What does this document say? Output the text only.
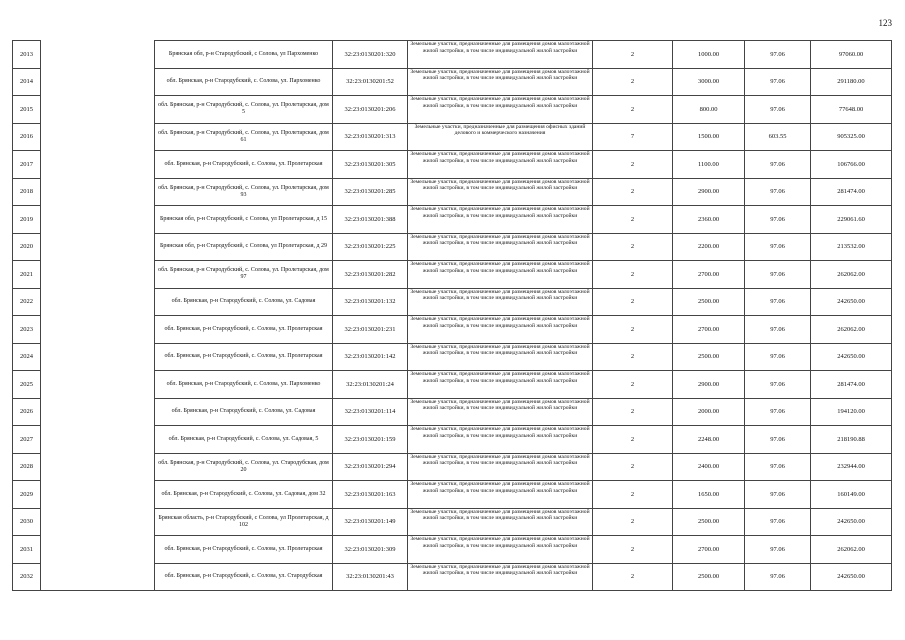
123
2013		Брянская обл, р-н Стародубский, с Солова, ул Пархоменко	32:23:0130201:320	Земельные участки, предназначенные для размещения домов малоэтажной жилой застройки, в том числе индивидуальной жилой застройки	2	1000.00	97.06	97060.00
2014		обл. Брянская, р-н Стародубский, с. Солова, ул. Пархоменко	32:23:0130201:52	Земельные участки, предназначенные для размещения домов малоэтажной жилой застройки, в том числе индивидуальной жилой застройки	2	3000.00	97.06	291180.00
2015		обл. Брянская, р-н Стародубский, с. Солова, ул. Пролетарская, дом 5	32:23:0130201:206	Земельные участки, предназначенные для размещения домов малоэтажной жилой застройки, в том числе индивидуальной жилой застройки	2	800.00	97.06	77648.00
2016		обл. Брянская, р-н Стародубский, с. Солова, ул. Пролетарская, дом 61	32:23:0130201:313	Земельные участки, предназначенные для размещения офисных зданий делового и коммерческого назначения	7	1500.00	603.55	905325.00
2017		обл. Брянская, р-н Стародубский, с. Солова, ул. Пролетарская	32:23:0130201:305	Земельные участки, предназначенные для размещения домов малоэтажной жилой застройки, в том числе индивидуальной жилой застройки	2	1100.00	97.06	106766.00
2018		обл. Брянская, р-н Стародубский, с. Солова, ул. Пролетарская, дом 93	32:23:0130201:285	Земельные участки, предназначенные для размещения домов малоэтажной жилой застройки, в том числе индивидуальной жилой застройки	2	2900.00	97.06	281474.00
2019		Брянская обл, р-н Стародубский, с Солова, ул Пролетарская, д 15	32:23:0130201:388	Земельные участки, предназначенные для размещения домов малоэтажной жилой застройки, в том числе индивидуальной жилой застройки	2	2360.00	97.06	229061.60
2020		Брянская обл, р-н Стародубский, с Солова, ул Пролетарская, д 29	32:23:0130201:225	Земельные участки, предназначенные для размещения домов малоэтажной жилой застройки, в том числе индивидуальной жилой застройки	2	2200.00	97.06	213532.00
2021		обл. Брянская, р-н Стародубский, с. Солова, ул. Пролетарская, дом 97	32:23:0130201:282	Земельные участки, предназначенные для размещения домов малоэтажной жилой застройки, в том числе индивидуальной жилой застройки	2	2700.00	97.06	262062.00
2022		обл. Брянская, р-н Стародубский, с. Солова, ул. Садовая	32:23:0130201:132	Земельные участки, предназначенные для размещения домов малоэтажной жилой застройки, в том числе индивидуальной жилой застройки	2	2500.00	97.06	242650.00
2023		обл. Брянская, р-н Стародубский, с. Солова, ул. Пролетарская	32:23:0130201:231	Земельные участки, предназначенные для размещения домов малоэтажной жилой застройки, в том числе индивидуальной жилой застройки	2	2700.00	97.06	262062.00
2024		обл. Брянская, р-н Стародубский, с. Солова, ул. Пролетарская	32:23:0130201:142	Земельные участки, предназначенные для размещения домов малоэтажной жилой застройки, в том числе индивидуальной жилой застройки	2	2500.00	97.06	242650.00
2025		обл. Брянская, р-н Стародубский, с. Солова, ул. Пархоменко	32:23:0130201:24	Земельные участки, предназначенные для размещения домов малоэтажной жилой застройки, в том числе индивидуальной жилой застройки	2	2900.00	97.06	281474.00
2026		обл. Брянская, р-н Стародубский, с. Солова, ул. Садовая	32:23:0130201:114	Земельные участки, предназначенные для размещения домов малоэтажной жилой застройки, в том числе индивидуальной жилой застройки	2	2000.00	97.06	194120.00
2027		обл. Брянская, р-н Стародубский, с. Солова, ул. Садовая, 5	32:23:0130201:159	Земельные участки, предназначенные для размещения домов малоэтажной жилой застройки, в том числе индивидуальной жилой застройки	2	2248.00	97.06	218190.88
2028		обл. Брянская, р-н Стародубский, с. Солова, ул. Стародубская, дом 20	32:23:0130201:294	Земельные участки, предназначенные для размещения домов малоэтажной жилой застройки, в том числе индивидуальной жилой застройки	2	2400.00	97.06	232944.00
2029		обл. Брянская, р-н Стародубский, с. Солова, ул. Садовая, дом 32	32:23:0130201:163	Земельные участки, предназначенные для размещения домов малоэтажной жилой застройки, в том числе индивидуальной жилой застройки	2	1650.00	97.06	160149.00
2030		Брянская область, р-н Стародубский, с Солова, ул Пролетарская, д 102	32:23:0130201:149	Земельные участки, предназначенные для размещения домов малоэтажной жилой застройки, в том числе индивидуальной жилой застройки	2	2500.00	97.06	242650.00
2031		обл. Брянская, р-н Стародубский, с. Солова, ул. Пролетарская	32:23:0130201:309	Земельные участки, предназначенные для размещения домов малоэтажной жилой застройки, в том числе индивидуальной жилой застройки	2	2700.00	97.06	262062.00
2032		обл. Брянская, р-н Стародубский, с. Солова, ул. Стародубская	32:23:0130201:43	Земельные участки, предназначенные для размещения домов малоэтажной жилой застройки, в том числе индивидуальной жилой застройки	2	2500.00	97.06	242650.00
